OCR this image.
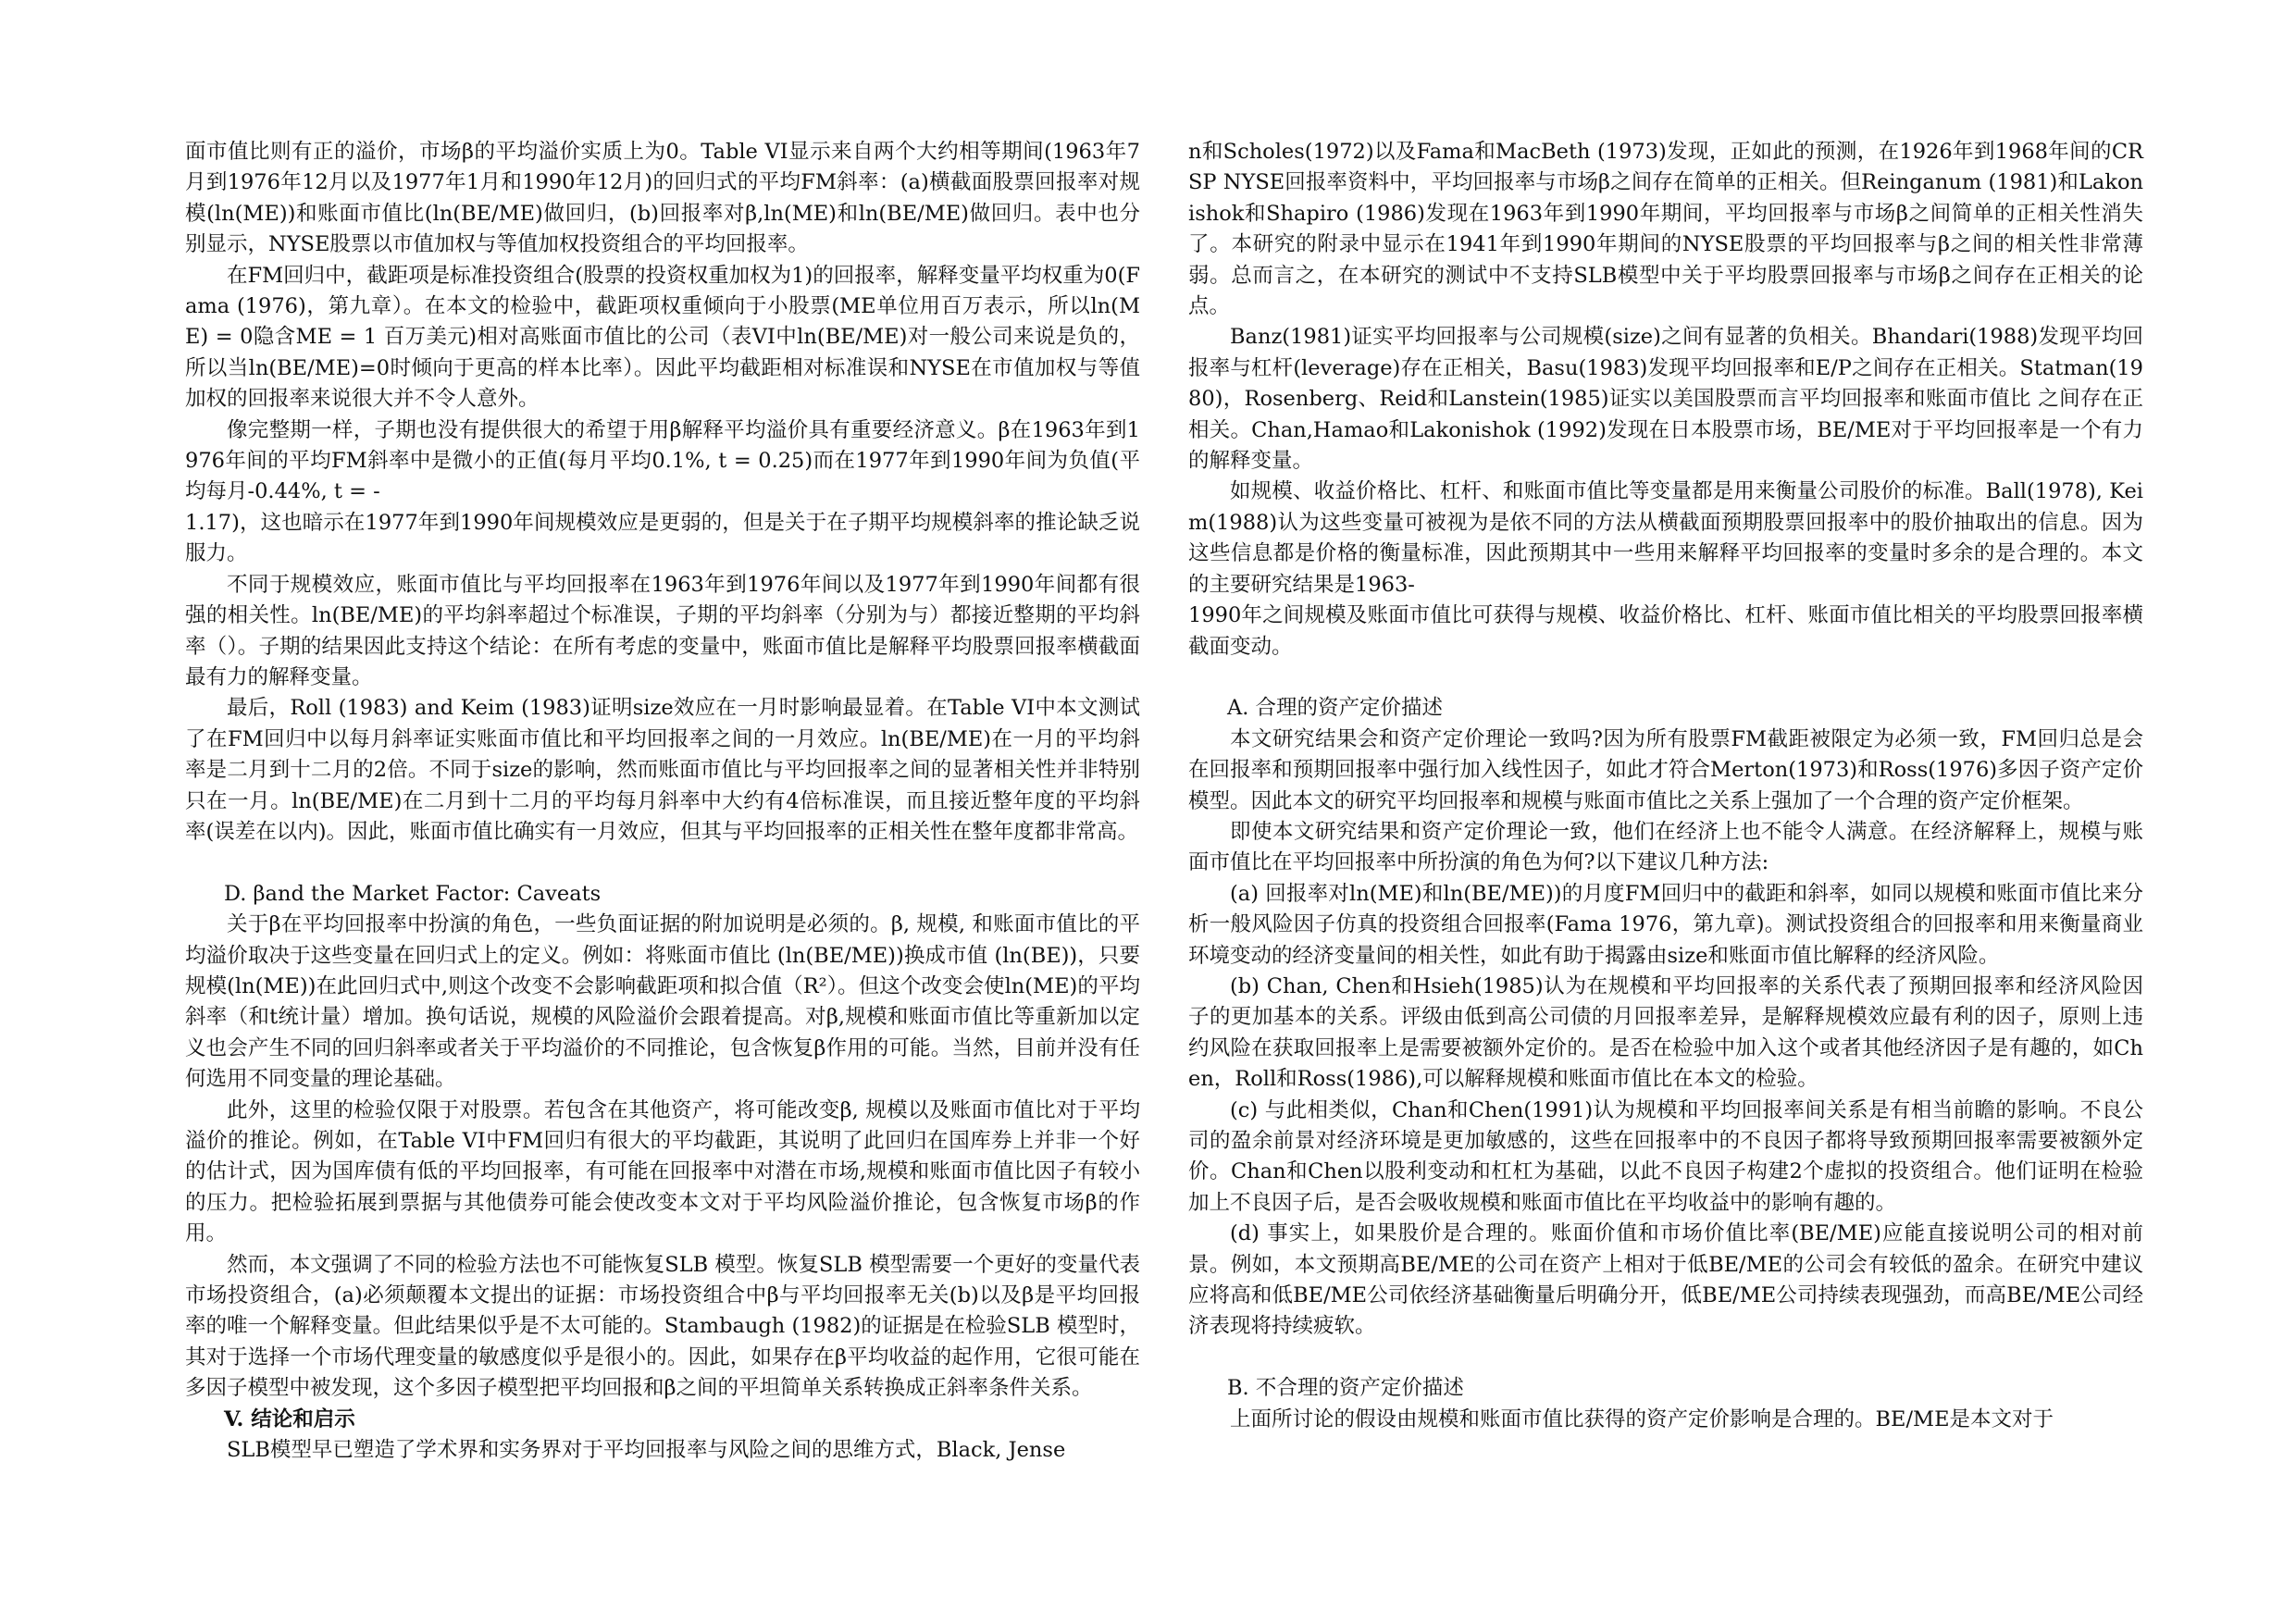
面市值比则有正的溢价，市场β的平均溢价实质上为0。Table VI显示来自两个大约相等期间(1963年7月到1976年12月以及1977年1月和1990年12月)的回归式的平均FM斜率：(a)横截面股票回报率对规模(ln(ME))和账面市值比(ln(BE/ME)做回归，(b)回报率对β,ln(ME)和ln(BE/ME)做回归。表中也分别显示，NYSE股票以市值加权与等值加权投资组合的平均回报率。

在FM回归中，截距项是标准投资组合(股票的投资权重加权为1)的回报率，解释变量平均权重为0(Fama (1976)，第九章）。在本文的检验中，截距项权重倾向于小股票(ME单位用百万表示，所以ln(ME) = 0隐含ME = 1 百万美元)相对高账面市值比的公司（表VI中ln(BE/ME)对一般公司来说是负的，所以当ln(BE/ME)=0时倾向于更高的样本比率）。因此平均截距相对标准误和NYSE在市值加权与等值加权的回报率来说很大并不令人意外。

像完整期一样，子期也没有提供很大的希望于用β解释平均溢价具有重要经济意义。β在1963年到1976年间的平均FM斜率中是微小的正值(每月平均0.1%, t = 0.25)而在1977年到1990年间为负值(平均每月-0.44%, t = -

1.17)，这也暗示在1977年到1990年间规模效应是更弱的，但是关于在子期平均规模斜率的推论缺乏说服力。

不同于规模效应，账面市值比与平均回报率在1963年到1976年间以及1977年到1990年间都有很强的相关性。ln(BE/ME)的平均斜率超过个标准误，子期的平均斜率（分别为与）都接近整期的平均斜率（）。子期的结果因此支持这个结论：在所有考虑的变量中，账面市值比是解释平均股票回报率横截面最有力的解释变量。

最后，Roll (1983) and Keim (1983)证明size效应在一月时影响最显着。在Table VI中本文测试了在FM回归中以每月斜率证实账面市值比和平均回报率之间的一月效应。ln(BE/ME)在一月的平均斜率是二月到十二月的2倍。不同于size的影响，然而账面市值比与平均回报率之间的显著相关性并非特别只在一月。ln(BE/ME)在二月到十二月的平均每月斜率中大约有4倍标准误，而且接近整年度的平均斜率(误差在以内)。因此，账面市值比确实有一月效应，但其与平均回报率的正相关性在整年度都非常高。

D. βand the Market Factor: Caveats

关于β在平均回报率中扮演的角色，一些负面证据的附加说明是必须的。β, 规模, 和账面市值比的平均溢价取决于这些变量在回归式上的定义。例如：将账面市值比 (ln(BE/ME))换成市值 (ln(BE))，只要规模(ln(ME))在此回归式中,则这个改变不会影响截距项和拟合值（R²）。但这个改变会使ln(ME)的平均斜率（和t统计量）增加。换句话说，规模的风险溢价会跟着提高。对β,规模和账面市值比等重新加以定义也会产生不同的回归斜率或者关于平均溢价的不同推论，包含恢复β作用的可能。当然，目前并没有任何选用不同变量的理论基础。

此外，这里的检验仅限于对股票。若包含在其他资产，将可能改变β, 规模以及账面市值比对于平均溢价的推论。例如，在Table VI中FM回归有很大的平均截距，其说明了此回归在国库券上并非一个好的估计式，因为国库债有低的平均回报率，有可能在回报率中对潜在市场,规模和账面市值比因子有较小的压力。把检验拓展到票据与其他债券可能会使改变本文对于平均风险溢价推论，包含恢复市场β的作用。

然而，本文强调了不同的检验方法也不可能恢复SLB 模型。恢复SLB 模型需要一个更好的变量代表市场投资组合，(a)必须颠覆本文提出的证据：市场投资组合中β与平均回报率无关(b)以及β是平均回报率的唯一个解释变量。但此结果似乎是不太可能的。Stambaugh (1982)的证据是在检验SLB 模型时，其对于选择一个市场代理变量的敏感度似乎是很小的。因此，如果存在β平均收益的起作用，它很可能在多因子模型中被发现，这个多因子模型把平均回报和β之间的平坦简单关系转换成正斜率条件关系。

V. 结论和启示

SLB模型早已塑造了学术界和实务界对于平均回报率与风险之间的思维方式，Black, Jense

n和Scholes(1972)以及Fama和MacBeth (1973)发现，正如此的预测，在1926年到1968年间的CRSP NYSE回报率资料中，平均回报率与市场β之间存在简单的正相关。但Reinganum (1981)和Lakonishok和Shapiro (1986)发现在1963年到1990年期间，平均回报率与市场β之间简单的正相关性消失了。本研究的附录中显示在1941年到1990年期间的NYSE股票的平均回报率与β之间的相关性非常薄弱。总而言之，在本研究的测试中不支持SLB模型中关于平均股票回报率与市场β之间存在正相关的论点。

Banz(1981)证实平均回报率与公司规模(size)之间有显著的负相关。Bhandari(1988)发现平均回报率与杠杆(leverage)存在正相关，Basu(1983)发现平均回报率和E/P之间存在正相关。Statman(1980)，Rosenberg、Reid和Lanstein(1985)证实以美国股票而言平均回报率和账面市值比 之间存在正相关。Chan,Hamao和Lakonishok (1992)发现在日本股票市场，BE/ME对于平均回报率是一个有力的解释变量。

如规模、收益价格比、杠杆、和账面市值比等变量都是用来衡量公司股价的标准。Ball(1978), Keim(1988)认为这些变量可被视为是依不同的方法从横截面预期股票回报率中的股价抽取出的信息。因为这些信息都是价格的衡量标准，因此预期其中一些用来解释平均回报率的变量时多余的是合理的。本文的主要研究结果是1963-

1990年之间规模及账面市值比可获得与规模、收益价格比、杠杆、账面市值比相关的平均股票回报率横截面变动。

A. 合理的资产定价描述

本文研究结果会和资产定价理论一致吗?因为所有股票FM截距被限定为必须一致，FM回归总是会在回报率和预期回报率中强行加入线性因子，如此才符合Merton(1973)和Ross(1976)多因子资产定价模型。因此本文的研究平均回报率和规模与账面市值比之关系上强加了一个合理的资产定价框架。

即使本文研究结果和资产定价理论一致，他们在经济上也不能令人满意。在经济解释上，规模与账面市值比在平均回报率中所扮演的角色为何?以下建议几种方法:

(a) 回报率对ln(ME)和ln(BE/ME))的月度FM回归中的截距和斜率，如同以规模和账面市值比来分析一般风险因子仿真的投资组合回报率(Fama 1976，第九章)。测试投资组合的回报率和用来衡量商业环境变动的经济变量间的相关性，如此有助于揭露由size和账面市值比解释的经济风险。

(b) Chan, Chen和Hsieh(1985)认为在规模和平均回报率的关系代表了预期回报率和经济风险因子的更加基本的关系。评级由低到高公司债的月回报率差异，是解释规模效应最有利的因子，原则上违约风险在获取回报率上是需要被额外定价的。是否在检验中加入这个或者其他经济因子是有趣的，如Chen，Roll和Ross(1986),可以解释规模和账面市值比在本文的检验。

(c) 与此相类似，Chan和Chen(1991)认为规模和平均回报率间关系是有相当前瞻的影响。不良公司的盈余前景对经济环境是更加敏感的，这些在回报率中的不良因子都将导致预期回报率需要被额外定价。Chan和Chen以股利变动和杠杠为基础，以此不良因子构建2个虚拟的投资组合。他们证明在检验加上不良因子后，是否会吸收规模和账面市值比在平均收益中的影响有趣的。

(d) 事实上，如果股价是合理的。账面价值和市场价值比率(BE/ME)应能直接说明公司的相对前景。例如，本文预期高BE/ME的公司在资产上相对于低BE/ME的公司会有较低的盈余。在研究中建议应将高和低BE/ME公司依经济基础衡量后明确分开，低BE/ME公司持续表现强劲，而高BE/ME公司经济表现将持续疲软。

B. 不合理的资产定价描述

上面所讨论的假设由规模和账面市值比获得的资产定价影响是合理的。BE/ME是本文对于
